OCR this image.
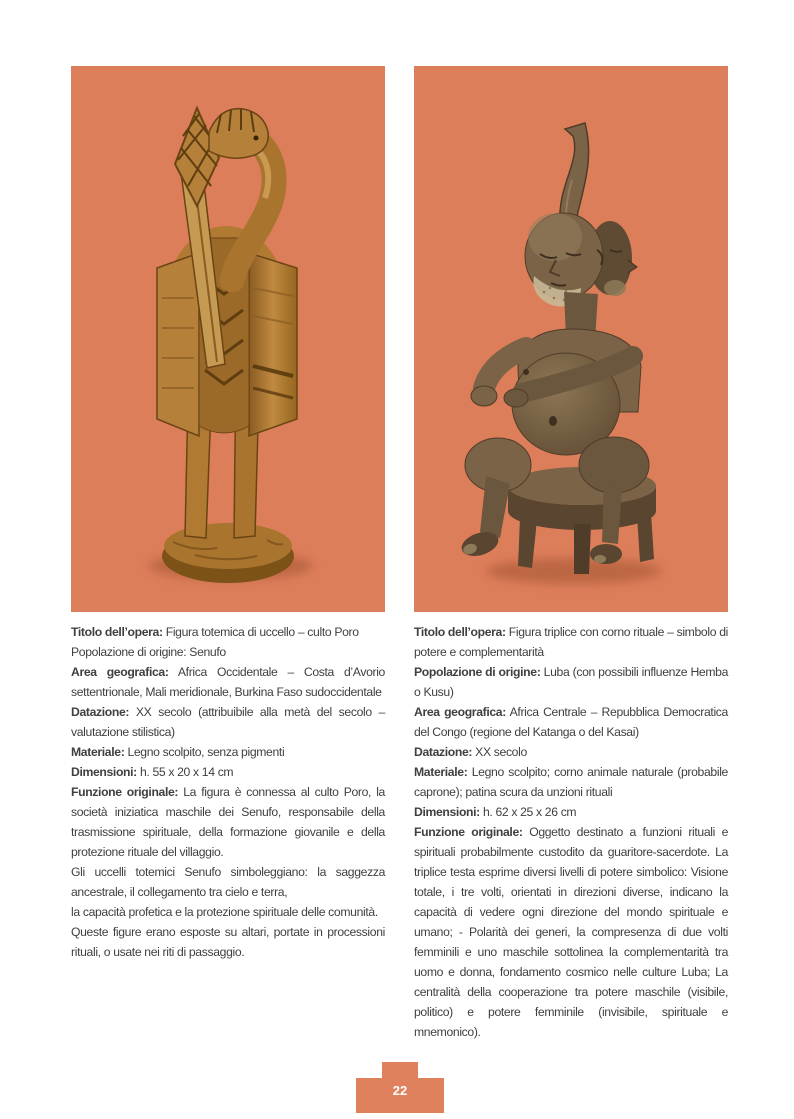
Titolo dell’opera: Figura totemica di uccello – culto Poro

Popolazione di origine: Senufo

Area geografica: Africa Occidentale – Costa d’Avorio settentrionale, Mali meridionale, Burkina Faso sudoccidentale

Datazione: XX secolo (attribuibile alla metà del secolo – valutazione stilistica)

Materiale: Legno scolpito, senza pigmenti

Dimensioni: h. 55 x 20 x 14 cm

Funzione originale: La figura è connessa al culto Poro, la società iniziatica maschile dei Senufo, responsabile della trasmissione spirituale, della formazione giovanile e della protezione rituale del villaggio.

Gli uccelli totemici Senufo simboleggiano: la saggezza ancestrale, il collegamento tra cielo e terra,

la capacità profetica e la protezione spirituale delle comunità.

Queste figure erano esposte su altari, portate in processioni rituali, o usate nei riti di passaggio.

Titolo dell’opera: Figura triplice con corno rituale – simbolo di potere e complementarità

Popolazione di origine: Luba (con possibili influenze Hemba o Kusu)

Area geografica: Africa Centrale – Repubblica Democratica del Congo (regione del Katanga o del Kasai)

Datazione: XX secolo

Materiale: Legno scolpito; corno animale naturale (probabile caprone); patina scura da unzioni rituali

Dimensioni: h. 62 x 25 x 26 cm

Funzione originale: Oggetto destinato a funzioni rituali e spirituali probabilmente custodito da guaritore-sacerdote. La triplice testa esprime diversi livelli di potere simbolico: Visione totale, i tre volti, orientati in direzioni diverse, indicano la capacità di vedere ogni direzione del mondo spirituale e umano; - Polarità dei generi, la compresenza di due volti femminili e uno maschile sottolinea la complementarità tra uomo e donna, fondamento cosmico nelle culture Luba; La centralità della cooperazione tra potere maschile (visibile, politico) e potere femminile (invisibile, spirituale e mnemonico).

22
